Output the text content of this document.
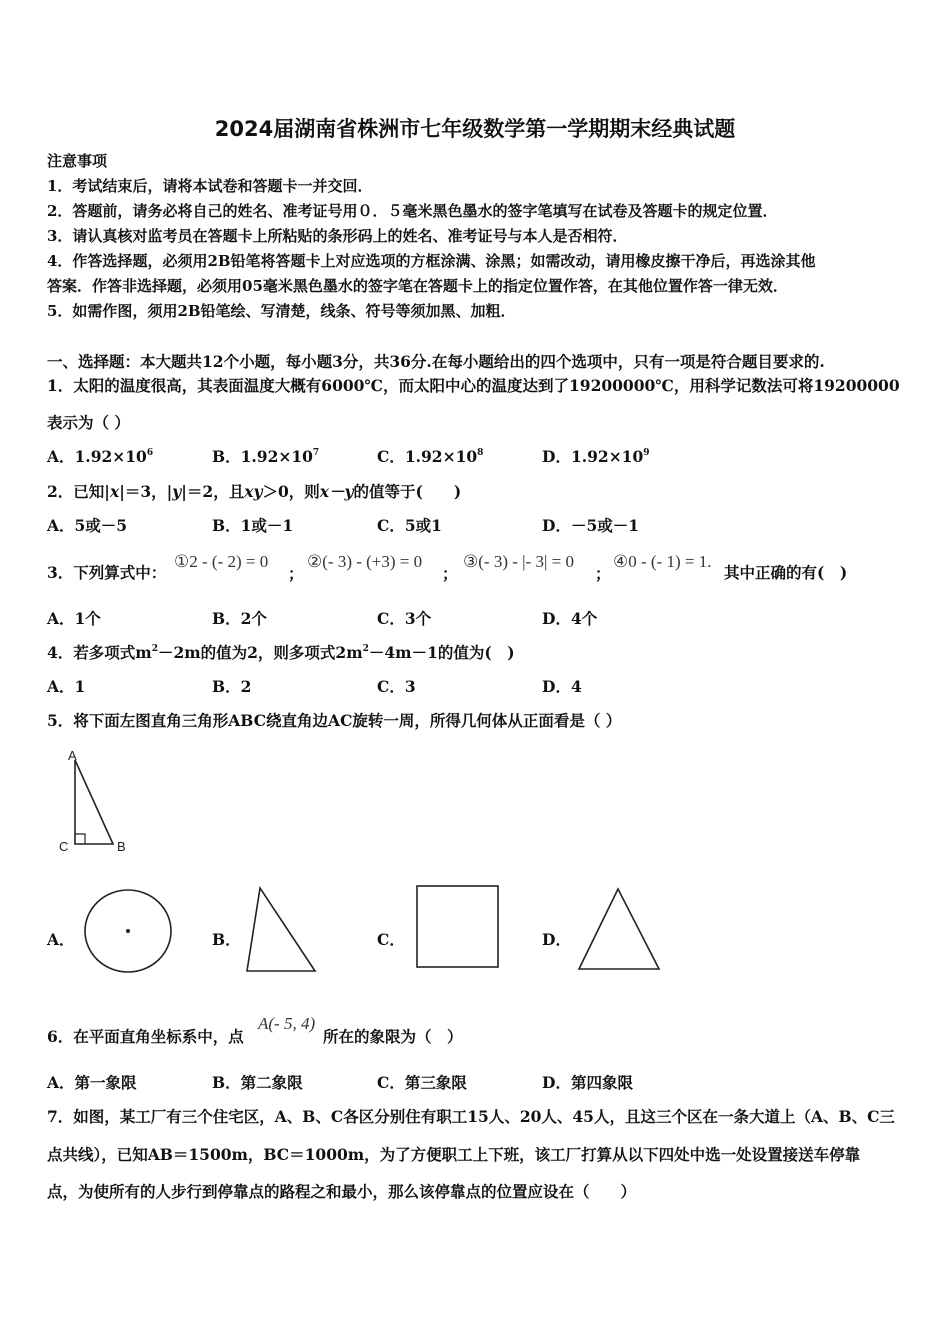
2024届湖南省株洲市七年级数学第一学期期末经典试题
注意事项
1．考试结束后，请将本试卷和答题卡一并交回．
2．答题前，请务必将自己的姓名、准考证号用０．５毫米黑色墨水的签字笔填写在试卷及答题卡的规定位置．
3．请认真核对监考员在答题卡上所粘贴的条形码上的姓名、准考证号与本人是否相符．
4．作答选择题，必须用2B铅笔将答题卡上对应选项的方框涂满、涂黑；如需改动，请用橡皮擦干净后，再选涂其他
答案．作答非选择题，必须用05毫米黑色墨水的签字笔在答题卡上的指定位置作答，在其他位置作答一律无效．
5．如需作图，须用2B铅笔绘、写清楚，线条、符号等须加黑、加粗．
一、选择题：本大题共12个小题，每小题3分，共36分.在每小题给出的四个选项中，只有一项是符合题目要求的.
1．太阳的温度很高，其表面温度大概有6000℃，而太阳中心的温度达到了19200000℃，用科学记数法可将19200000
表示为（ ）
A．$1.92\times 10^6$	B．$1.92\times 10^7$	C．$1.92\times 10^8$	D．$1.92\times 10^9$
2．已知|x|＝3，|y|＝2，且xy＞0，则x－y的值等于(　　)
A．5或－5	B．1或－1	C．5或1	D．－5或－1
3．下列算式中：
①2 - (- 2) = 0
；
②(- 3) - (+3) = 0
；
③(- 3) - |- 3| = 0
；
④0 - (- 1) = 1.
其中正确的有(　)
A．1个	B．2个	C．3个	D．4个
4．若多项式$m^2-2m$的值为2，则多项式$2m^2-4m-1$的值为(　)
A．1	B．2	C．3	D．4
5．将下面左图直角三角形ABC绕直角边AC旋转一周，所得几何体从正面看是（ ）
A
C	B
A．	B．	C．	D．
6．在平面直角坐标系中，点
A(- 5, 4)
所在的象限为（　）
A．第一象限	B．第二象限	C．第三象限	D．第四象限
7．如图，某工厂有三个住宅区，A、B、C各区分别住有职工15人、20人、45人，且这三个区在一条大道上（A、B、C三
点共线），已知AB＝1500m，BC＝1000m，为了方便职工上下班，该工厂打算从以下四处中选一处设置接送车停靠
点，为使所有的人步行到停靠点的路程之和最小，那么该停靠点的位置应设在（　　）
